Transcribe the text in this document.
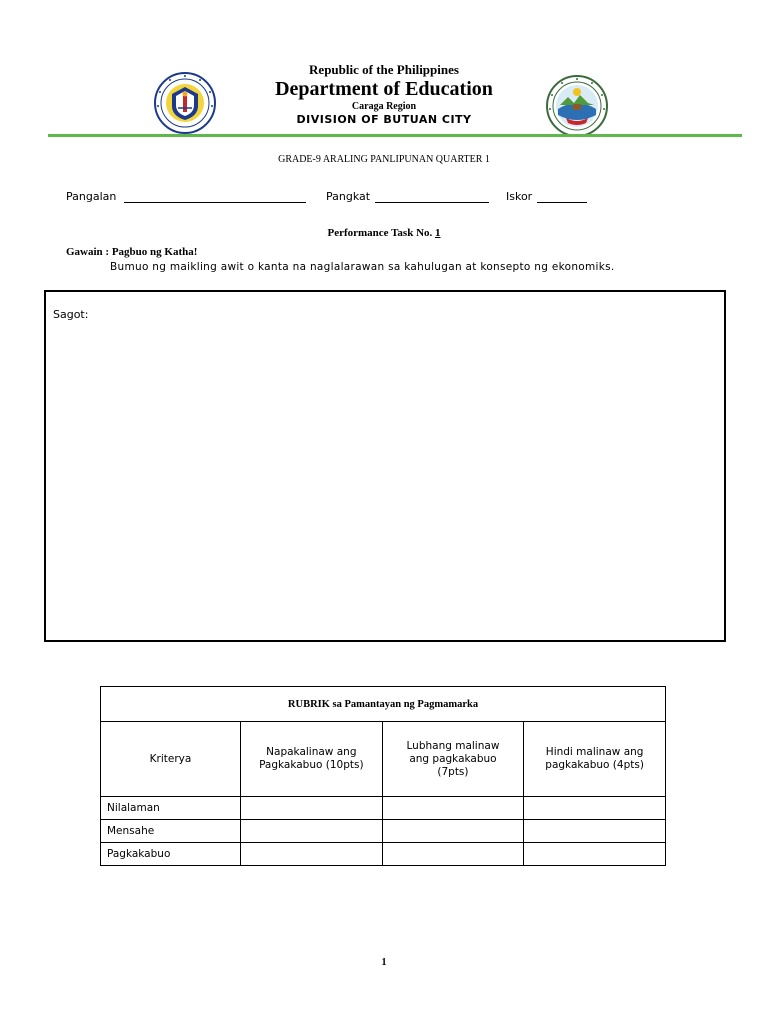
Republic of the Philippines
Department of Education
Caraga Region
DIVISION OF BUTUAN CITY
GRADE-9 ARALING PANLIPUNAN QUARTER 1
Pangalan	Pangkat	Iskor
Performance Task No. 1
Gawain : Pagbuo ng Katha!
Bumuo ng maikling awit o kanta na naglalarawan sa kahulugan at konsepto ng ekonomiks.
Sagot:
RUBRIK sa Pamantayan ng Pagmamarka			
Kriterya	Napakalinaw ang Pagkakabuo (10pts)	Lubhang malinaw ang pagkakabuo (7pts)	Hindi malinaw ang pagkakabuo (4pts)

Nilalaman			
Mensahe			
Pagkakabuo			
1
